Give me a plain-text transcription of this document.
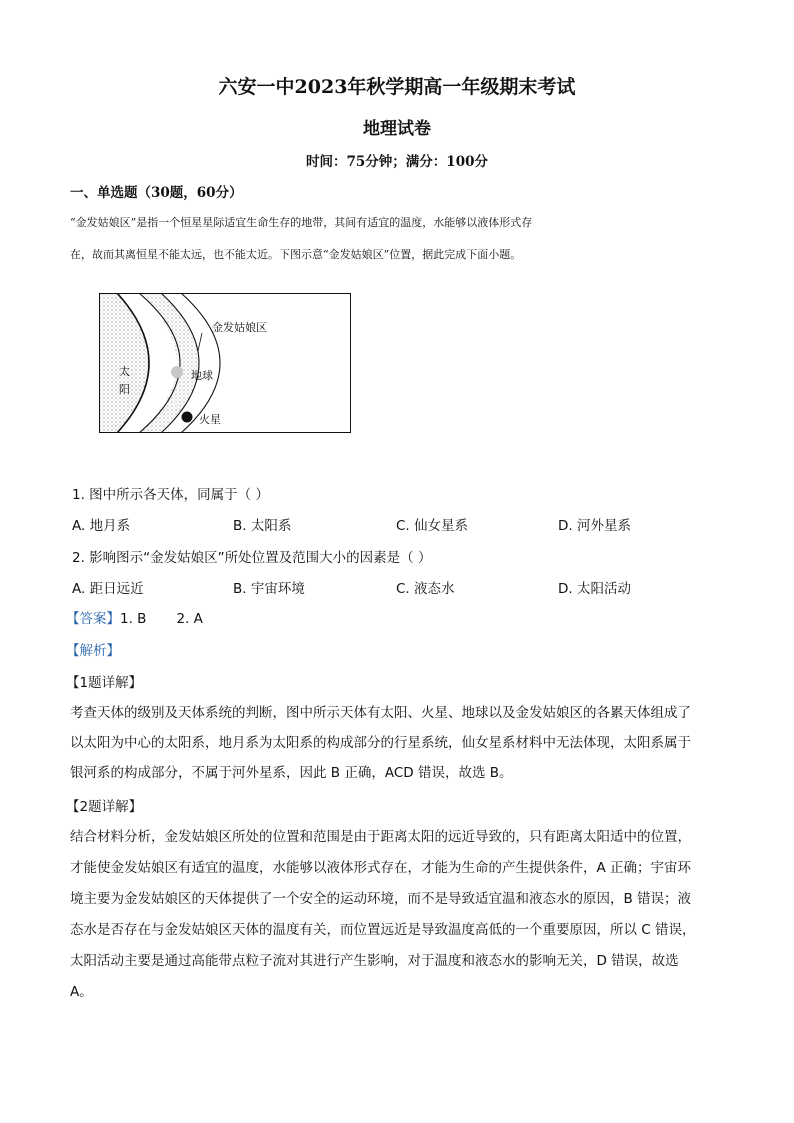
六安一中2023年秋学期高一年级期末考试
地理试卷
时间：75分钟；满分：100分
一、单选题（30题，60分）
“金发姑娘区”是指一个恒星星际适宜生命生存的地带，其间有适宜的温度，水能够以液体形式存
在，故而其离恒星不能太远，也不能太近。下图示意“金发姑娘区”位置，据此完成下面小题。
太
阳
金发姑娘区
地球
火星
1. 图中所示各天体，同属于（ ）
A. 地月系	B. 太阳系	C. 仙女星系	D. 河外星系
2. 影响图示“金发姑娘区”所处位置及范围大小的因素是（ ）
A. 距日远近	B. 宇宙环境	C. 液态水	D. 太阳活动
【答案】1. B       2. A
【解析】
【1题详解】
考查天体的级别及天体系统的判断，图中所示天体有太阳、火星、地球以及金发姑娘区的各累天体组成了
以太阳为中心的太阳系，地月系为太阳系的构成部分的行星系统，仙女星系材料中无法体现，太阳系属于
银河系的构成部分，不属于河外星系，因此 B 正确，ACD 错误，故选 B。
【2题详解】
结合材料分析，金发姑娘区所处的位置和范围是由于距离太阳的远近导致的，只有距离太阳适中的位置，
才能使金发姑娘区有适宜的温度，水能够以液体形式存在，才能为生命的产生提供条件，A 正确；宇宙环
境主要为金发姑娘区的天体提供了一个安全的运动环境，而不是导致适宜温和液态水的原因，B 错误；液
态水是否存在与金发姑娘区天体的温度有关，而位置远近是导致温度高低的一个重要原因，所以 C 错误，
太阳活动主要是通过高能带点粒子流对其进行产生影响，对于温度和液态水的影响无关，D 错误，故选
A。
